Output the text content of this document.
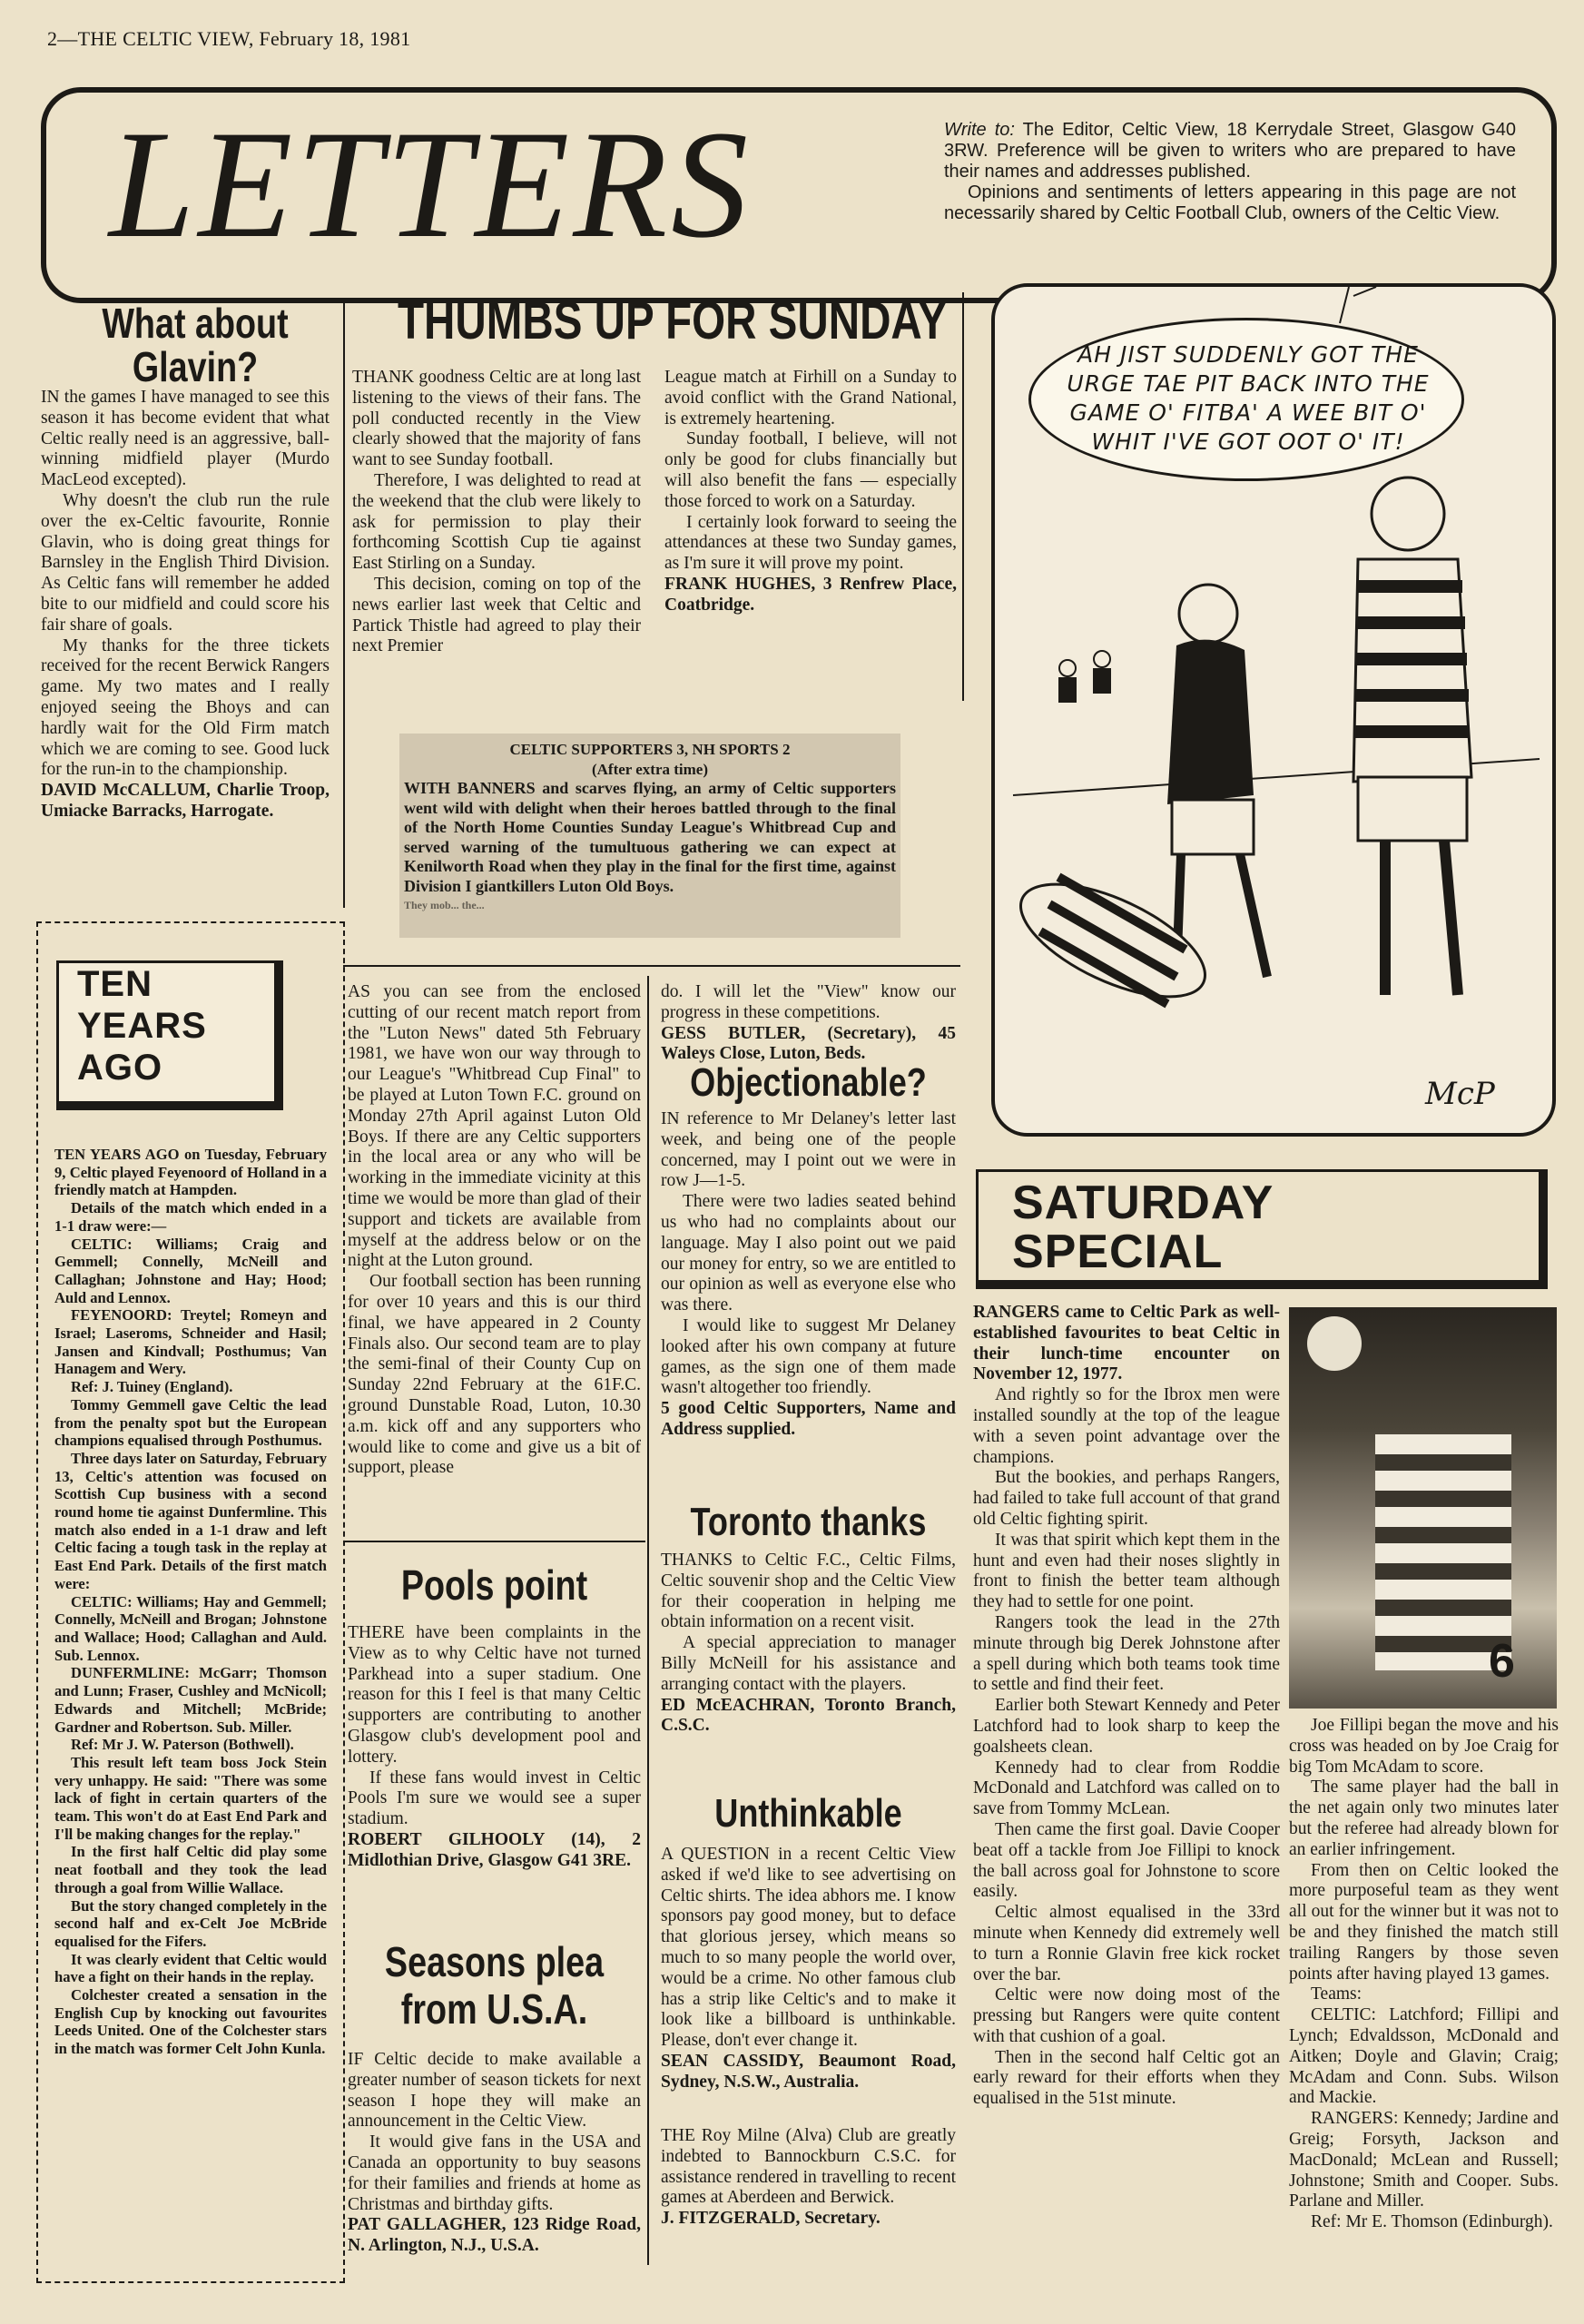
2—THE CELTIC VIEW, February 18, 1981
LETTERS	Write to: The Editor, Celtic View, 18 Kerrydale Street, Glasgow G40 3RW. Preference will be given to writers who are prepared to have their names and addresses published.

Opinions and sentiments of letters appearing in this page are not necessarily shared by Celtic Football Club, owners of the Celtic View.

What about
Glavin?

IN the games I have managed to see this season it has become evident that what Celtic really need is an aggressive, ball-winning midfield player (Murdo MacLeod excepted).

Why doesn't the club run the rule over the ex-Celtic favourite, Ronnie Glavin, who is doing great things for Barnsley in the English Third Division. As Celtic fans will remember he added bite to our midfield and could score his fair share of goals.

My thanks for the three tickets received for the recent Berwick Rangers game. My two mates and I really enjoyed seeing the Bhoys and can hardly wait for the Old Firm match which we are coming to see. Good luck for the run-in to the championship.

DAVID McCALLUM, Charlie Troop, Umiacke Barracks, Harrogate.

THUMBS UP FOR SUNDAY

THANK goodness Celtic are at long last listening to the views of their fans. The poll conducted recently in the View clearly showed that the majority of fans want to see Sunday football.

Therefore, I was delighted to read at the weekend that the club were likely to ask for permission to play their forthcoming Scottish Cup tie against East Stirling on a Sunday.

This decision, coming on top of the news earlier last week that Celtic and Partick Thistle had agreed to play their next Premier

League match at Firhill on a Sunday to avoid conflict with the Grand National, is extremely heartening.

Sunday football, I believe, will not only be good for clubs financially but will also benefit the fans — especially those forced to work on a Saturday.

I certainly look forward to seeing the attendances at these two Sunday games, as I'm sure it will prove my point.

FRANK HUGHES, 3 Renfrew Place, Coatbridge.

CELTIC SUPPORTERS 3, NH SPORTS 2

(After extra time)

WITH BANNERS and scarves flying, an army of Celtic supporters went wild with delight when their heroes battled through to the final of the North Home Counties Sunday League's Whitbread Cup and served warning of the tumultuous gathering we can expect at Kenilworth Road when they play in the final for the first time, against Division I giantkillers Luton Old Boys.

They mob... the...

AS you can see from the enclosed cutting of our recent match report from the "Luton News" dated 5th February 1981, we have won our way through to our League's "Whitbread Cup Final" to be played at Luton Town F.C. ground on Monday 27th April against Luton Old Boys. If there are any Celtic supporters in the local area or any who will be working in the immediate vicinity at this time we would be more than glad of their support and tickets are available from myself at the address below or on the night at the Luton ground.

Our football section has been running for over 10 years and this is our third final, we have appeared in 2 County Finals also. Our second team are to play the semi-final of their County Cup on Sunday 22nd February at the 61F.C. ground Dunstable Road, Luton, 10.30 a.m. kick off and any supporters who would like to come and give us a bit of support, please

do. I will let the "View" know our progress in these competitions.

GESS BUTLER, (Secretary), 45 Waleys Close, Luton, Beds.

Objectionable?

IN reference to Mr Delaney's letter last week, and being one of the people concerned, may I point out we were in row J—1-5.

There were two ladies seated behind us who had no complaints about our language. May I also point out we paid our money for entry, so we are entitled to our opinion as well as everyone else who was there.

I would like to suggest Mr Delaney looked after his own company at future games, as the sign one of them made wasn't altogether too friendly.

5 good Celtic Supporters, Name and Address supplied.

Toronto thanks

THANKS to Celtic F.C., Celtic Films, Celtic souvenir shop and the Celtic View for their cooperation in helping me obtain information on a recent visit.

A special appreciation to manager Billy McNeill for his assistance and arranging contact with the players.

ED McEACHRAN, Toronto Branch, C.S.C.

Unthinkable

A QUESTION in a recent Celtic View asked if we'd like to see advertising on Celtic shirts. The idea abhors me. I know sponsors pay good money, but to deface that glorious jersey, which means so much to so many people the world over, would be a crime. No other famous club has a strip like Celtic's and to make it look like a billboard is unthinkable. Please, don't ever change it.

SEAN CASSIDY, Beaumont Road, Sydney, N.S.W., Australia.

THE Roy Milne (Alva) Club are greatly indebted to Bannockburn C.S.C. for assistance rendered in travelling to recent games at Aberdeen and Berwick.

J. FITZGERALD, Secretary.

Pools point

THERE have been complaints in the View as to why Celtic have not turned Parkhead into a super stadium. One reason for this I feel is that many Celtic supporters are contributing to another Glasgow club's development pool and lottery.

If these fans would invest in Celtic Pools I'm sure we would see a super stadium.

ROBERT GILHOOLY (14), 2 Midlothian Drive, Glasgow G41 3RE.

Seasons plea
from U.S.A.

IF Celtic decide to make available a greater number of season tickets for next season I hope they will make an announcement in the Celtic View.

It would give fans in the USA and Canada an opportunity to buy seasons for their families and friends at home as Christmas and birthday gifts.

PAT GALLAGHER, 123 Ridge Road, N. Arlington, N.J., U.S.A.

TEN
YEARS
AGO

TEN YEARS AGO on Tuesday, February 9, Celtic played Feyenoord of Holland in a friendly match at Hampden.

Details of the match which ended in a 1-1 draw were:—

CELTIC: Williams; Craig and Gemmell; Connelly, McNeill and Callaghan; Johnstone and Hay; Hood; Auld and Lennox.

FEYENOORD: Treytel; Romeyn and Israel; Laseroms, Schneider and Hasil; Jansen and Kindvall; Posthumus; Van Hanagem and Wery.

Ref: J. Tuiney (England).

Tommy Gemmell gave Celtic the lead from the penalty spot but the European champions equalised through Posthumus.

Three days later on Saturday, February 13, Celtic's attention was focused on Scottish Cup business with a second round home tie against Dunfermline. This match also ended in a 1-1 draw and left Celtic facing a tough task in the replay at East End Park. Details of the first match were:

CELTIC: Williams; Hay and Gemmell; Connelly, McNeill and Brogan; Johnstone and Wallace; Hood; Callaghan and Auld. Sub. Lennox.

DUNFERMLINE: McGarr; Thomson and Lunn; Fraser, Cushley and McNicoll; Edwards and Mitchell; McBride; Gardner and Robertson. Sub. Miller.

Ref: Mr J. W. Paterson (Bothwell).

This result left team boss Jock Stein very unhappy. He said: "There was some lack of fight in certain quarters of the team. This won't do at East End Park and I'll be making changes for the replay."

In the first half Celtic did play some neat football and they took the lead through a goal from Willie Wallace.

But the story changed completely in the second half and ex-Celt Joe McBride equalised for the Fifers.

It was clearly evident that Celtic would have a fight on their hands in the replay.

Colchester created a sensation in the English Cup by knocking out favourites Leeds United. One of the Colchester stars in the match was former Celt John Kunla.

AH JIST SUDDENLY GOT THE URGE TAE PIT BACK INTO THE GAME O' FITBA' A WEE BIT O' WHIT I'VE GOT OOT O' IT!
McP
SATURDAY
SPECIAL

RANGERS came to Celtic Park as well-established favourites to beat Celtic in their lunch-time encounter on November 12, 1977.

And rightly so for the Ibrox men were installed soundly at the top of the league with a seven point advantage over the champions.

But the bookies, and perhaps Rangers, had failed to take full account of that grand old Celtic fighting spirit.

It was that spirit which kept them in the hunt and even had their noses slightly in front to finish the better team although they had to settle for one point.

Rangers took the lead in the 27th minute through big Derek Johnstone after a spell during which both teams took time to settle and find their feet.

Earlier both Stewart Kennedy and Peter Latchford had to look sharp to keep the goalsheets clean.

Kennedy had to clear from Roddie McDonald and Latchford was called on to save from Tommy McLean.

Then came the first goal. Davie Cooper beat off a tackle from Joe Fillipi to knock the ball across goal for Johnstone to score easily.

Celtic almost equalised in the 33rd minute when Kennedy did extremely well to turn a Ronnie Glavin free kick rocket over the bar.

Celtic were now doing most of the pressing but Rangers were quite content with that cushion of a goal.

Then in the second half Celtic got an early reward for their efforts when they equalised in the 51st minute.

6

Joe Fillipi began the move and his cross was headed on by Joe Craig for big Tom McAdam to score.

The same player had the ball in the net again only two minutes later but the referee had already blown for an earlier infringement.

From then on Celtic looked the more purposeful team as they went all out for the winner but it was not to be and they finished the match still trailing Rangers by those seven points after having played 13 games.

Teams:

CELTIC: Latchford; Fillipi and Lynch; Edvaldsson, McDonald and Aitken; Doyle and Glavin; Craig; McAdam and Conn. Subs. Wilson and Mackie.

RANGERS: Kennedy; Jardine and Greig; Forsyth, Jackson and MacDonald; McLean and Russell; Johnstone; Smith and Cooper. Subs. Parlane and Miller.

Ref: Mr E. Thomson (Edinburgh).
